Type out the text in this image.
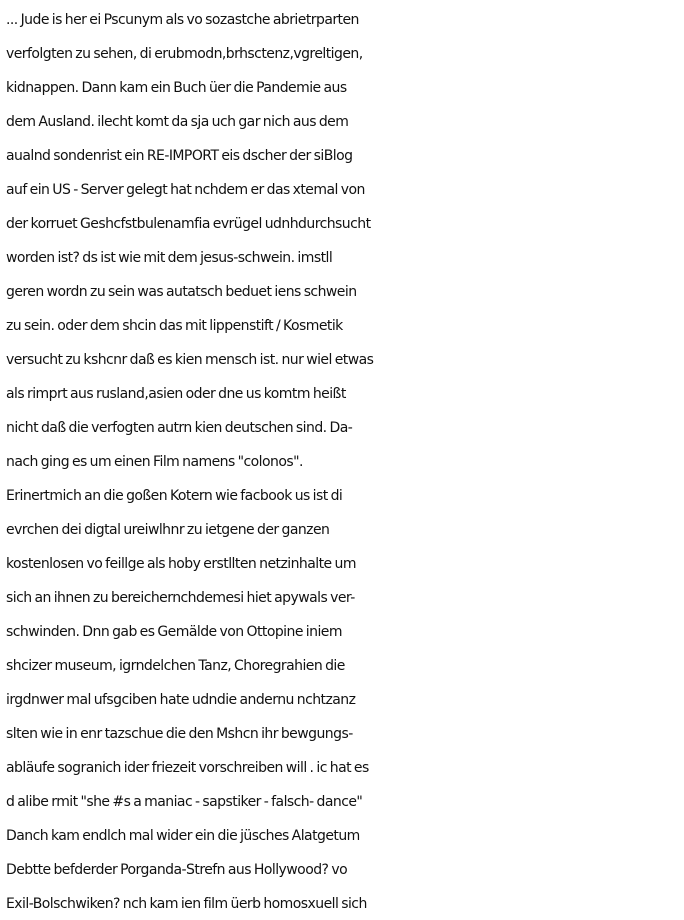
... Jude is her ei Pscunym als vo sozastche abrietrparten
verfolgten zu sehen, di erubmodn,brhsctenz,vgreltigen,
kidnappen. Dann kam ein Buch üer die Pandemie aus
dem Ausland. ilecht komt da sja uch gar nich aus dem
aualnd sondenrist ein RE-IMPORT eis dscher der siBlog
auf ein US - Server gelegt hat nchdem er das xtemal von
der korruet Geshcfstbulenamfia evrügel udnhdurchsucht
worden ist? ds ist wie mit dem jesus-schwein. imstll
geren wordn zu sein was autatsch beduet iens schwein
zu sein. oder dem shcin das mit lippenstift / Kosmetik
versucht zu kshcnr daß es kien mensch ist. nur wiel etwas
als rimprt aus rusland,asien oder dne us komtm heißt
nicht daß die verfogten autrn kien deutschen sind. Da-
nach ging es um einen Film namens "colonos".
Erinertmich an die goßen Kotern wie facbook us ist di
evrchen dei digtal ureiwlhnr zu ietgene der ganzen
kostenlosen vo feillge als hoby erstllten netzinhalte um
sich an ihnen zu bereichernchdemesi hiet apywals ver-
schwinden. Dnn gab es Gemälde von Ottopine iniem
shcizer museum, igrndelchen Tanz, Choregrahien die
irgdnwer mal ufsgciben hate udndie andernu nchtzanz
slten wie in enr tazschue die den Mshcn ihr bewgungs-
abläufe sogranich ider friezeit vorschreiben will . ic hat es
d alibe rmit "she #s a maniac - sapstiker - falsch- dance"
Danch kam endlch mal wider ein die jüsches Alatgetum
Debtte befderder Porganda-Strefn aus Hollywood? vo
Exil-Bolschwiken? nch kam ien film üerb homosxuell sich
